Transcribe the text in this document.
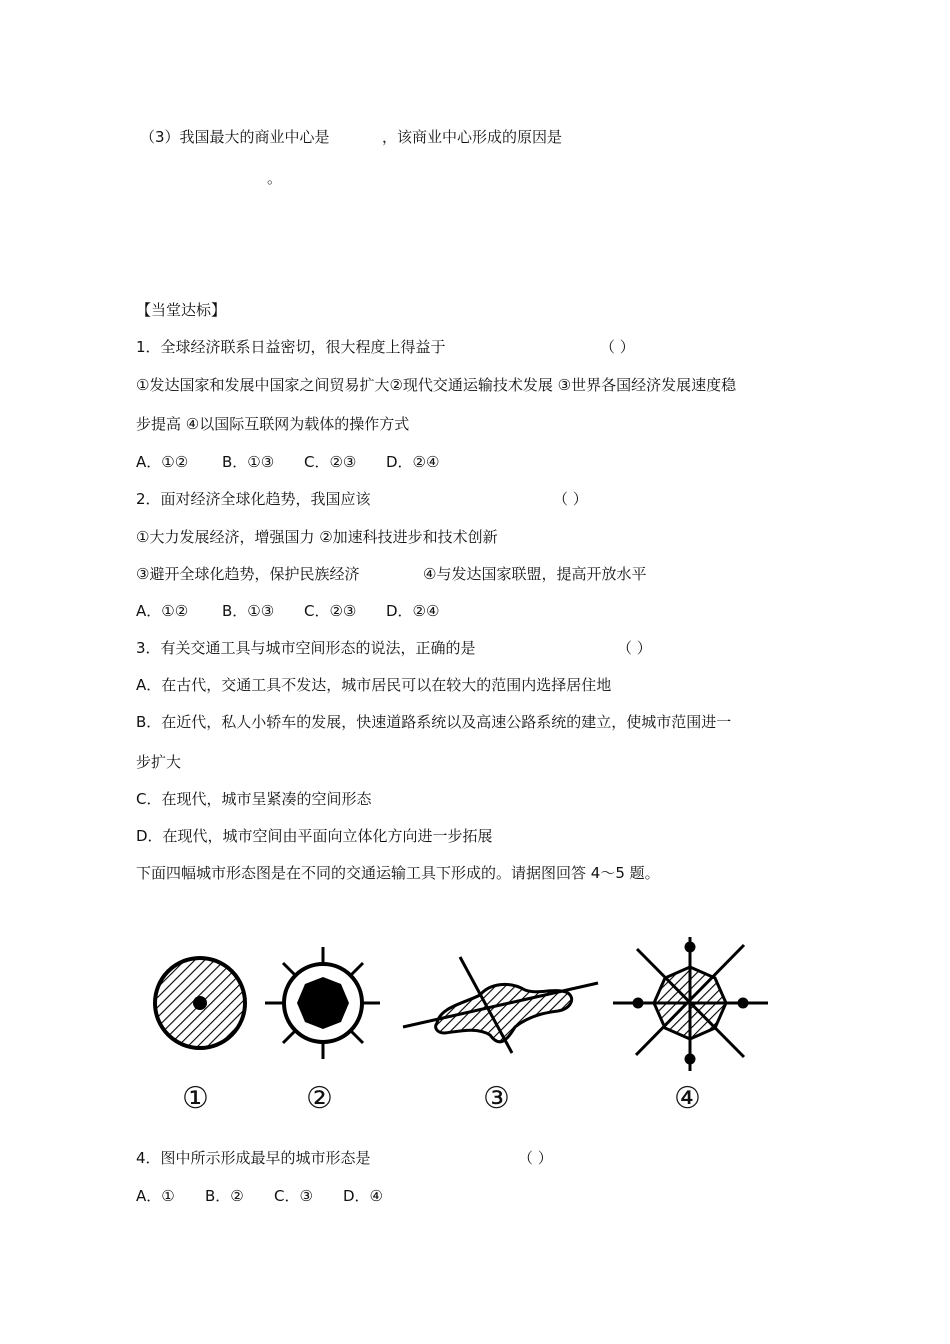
（3）我国最大的商业中心是	，该商业中心形成的原因是
。
【当堂达标】
1．全球经济联系日益密切，很大程度上得益于	（ ）
①发达国家和发展中国家之间贸易扩大②现代交通运输技术发展 ③世界各国经济发展速度稳
步提高 ④以国际互联网为载体的操作方式
A．①② B．①③ C．②③ D．②④
2．面对经济全球化趋势，我国应该	（ ）
①大力发展经济，增强国力 ②加速科技进步和技术创新
③避开全球化趋势，保护民族经济	④与发达国家联盟，提高开放水平
A．①② B．①③ C．②③ D．②④
3．有关交通工具与城市空间形态的说法，正确的是	（ ）
A．在古代，交通工具不发达，城市居民可以在较大的范围内选择居住地
B．在近代，私人小轿车的发展，快速道路系统以及高速公路系统的建立，使城市范围进一
步扩大
C．在现代，城市呈紧凑的空间形态
D．在现代，城市空间由平面向立体化方向进一步拓展
下面四幅城市形态图是在不同的交通运输工具下形成的。请据图回答 4～5 题。
①	②	③	④
4．图中所示形成最早的城市形态是	（ ）
A．① B．② C．③ D．④
